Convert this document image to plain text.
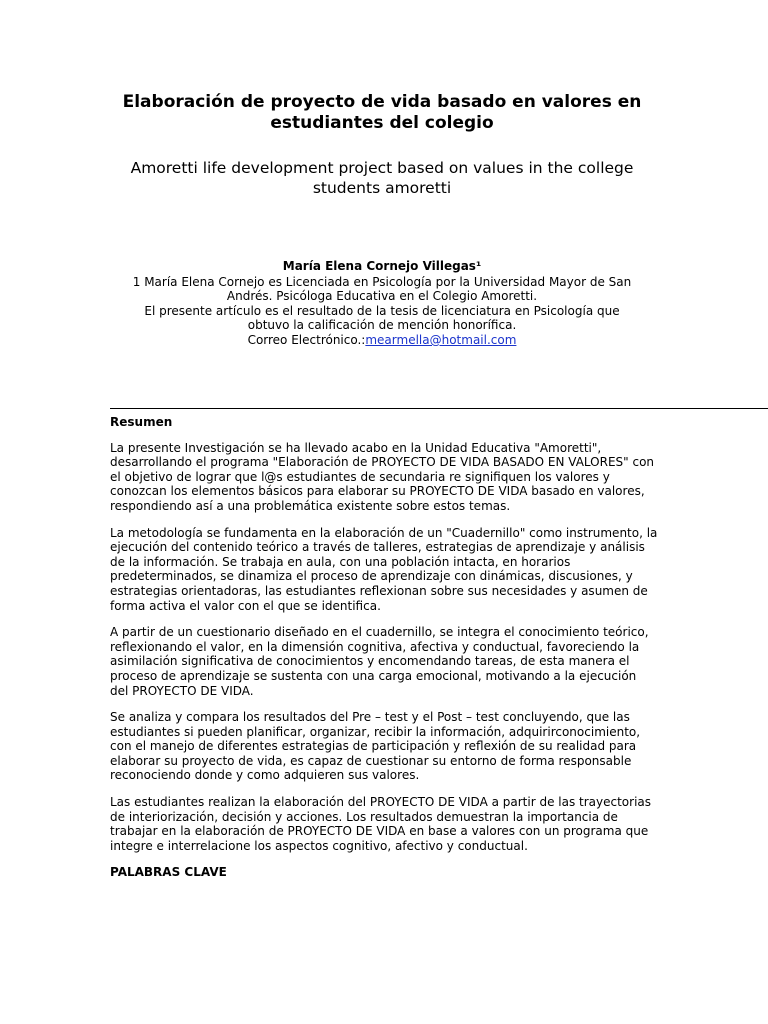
Elaboración de proyecto de vida basado en valores en estudiantes del colegio
Amoretti life development project based on values in the college students amoretti
María Elena Cornejo Villegas¹
1 María Elena Cornejo es Licenciada en Psicología por la Universidad Mayor de San
Andrés. Psicóloga Educativa en el Colegio Amoretti.
El presente artículo es el resultado de la tesis de licenciatura en Psicología que
obtuvo la calificación de mención honorífica.
Correo Electrónico.:mearmella@hotmail.com

Resumen

La presente Investigación se ha llevado acabo en la Unidad Educativa "Amoretti", desarrollando el programa "Elaboración de PROYECTO DE VIDA BASADO EN VALORES" con el objetivo de lograr que l@s estudiantes de secundaria re signifiquen los valores y conozcan los elementos básicos para elaborar su PROYECTO DE VIDA basado en valores, respondiendo así a una problemática existente sobre estos temas.

La metodología se fundamenta en la elaboración de un "Cuadernillo" como instrumento, la ejecución del contenido teórico a través de talleres, estrategias de aprendizaje y análisis de la información. Se trabaja en aula, con una población intacta, en horarios predeterminados, se dinamiza el proceso de aprendizaje con dinámicas, discusiones, y estrategias orientadoras, las estudiantes reflexionan sobre sus necesidades y asumen de forma activa el valor con el que se identifica.

A partir de un cuestionario diseñado en el cuadernillo, se integra el conocimiento teórico, reflexionando el valor, en la dimensión cognitiva, afectiva y conductual, favoreciendo la asimilación significativa de conocimientos y encomendando tareas, de esta manera el proceso de aprendizaje se sustenta con una carga emocional, motivando a la ejecución del PROYECTO DE VIDA.

Se analiza y compara los resultados del Pre – test y el Post – test concluyendo, que las estudiantes si pueden planificar, organizar, recibir la información, adquirirconocimiento, con el manejo de diferentes estrategias de participación y reflexión de su realidad para elaborar su proyecto de vida, es capaz de cuestionar su entorno de forma responsable reconociendo donde y como adquieren sus valores.

Las estudiantes realizan la elaboración del PROYECTO DE VIDA a partir de las trayectorias de interiorización, decisión y acciones. Los resultados demuestran la importancia de trabajar en la elaboración de PROYECTO DE VIDA en base a valores con un programa que integre e interrelacione los aspectos cognitivo, afectivo y conductual.

PALABRAS CLAVE
